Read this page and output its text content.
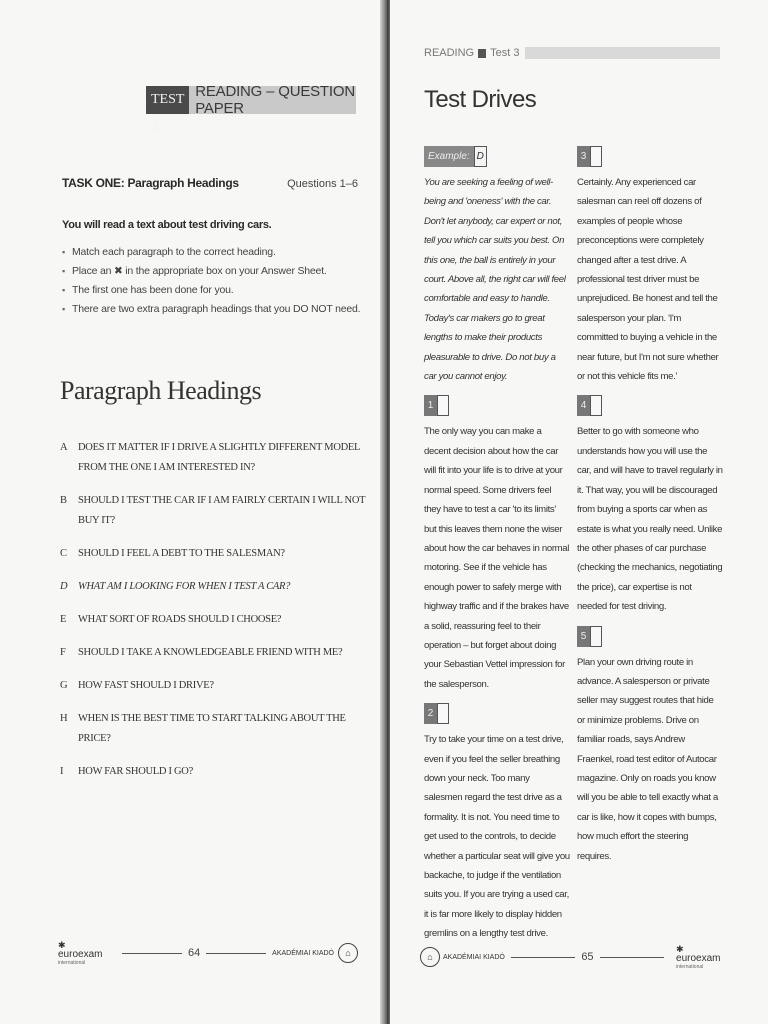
TEST 3
READING – QUESTION PAPER
TASK ONE: Paragraph Headings	Questions 1–6
You will read a text about test driving cars.
▪ Match each paragraph to the correct heading.
▪ Place an ✖ in the appropriate box on your Answer Sheet.
▪ The first one has been done for you.
▪ There are two extra paragraph headings that you DO NOT need.
Paragraph Headings
A	DOES IT MATTER IF I DRIVE A SLIGHTLY DIFFERENT MODEL FROM THE ONE I AM INTERESTED IN?
B	SHOULD I TEST THE CAR IF I AM FAIRLY CERTAIN I WILL NOT BUY IT?
C	SHOULD I FEEL A DEBT TO THE SALESMAN?
D	WHAT AM I LOOKING FOR WHEN I TEST A CAR?
E	WHAT SORT OF ROADS SHOULD I CHOOSE?
F	SHOULD I TAKE A KNOWLEDGEABLE FRIEND WITH ME?
G	HOW FAST SHOULD I DRIVE?
H	WHEN IS THE BEST TIME TO START TALKING ABOUT THE PRICE?
I	HOW FAR SHOULD I GO?
✱
euroexam
international
64	AKADÉMIAI KIADÓ	⌂
READING Test 3
Test Drives
Example: D

You are seeking a feeling of well-being and 'oneness' with the car. Don't let anybody, car expert or not, tell you which car suits you best. On this one, the ball is entirely in your court. Above all, the right car will feel comfortable and easy to handle. Today's car makers go to great lengths to make their products pleasurable to drive. Do not buy a car you cannot enjoy.

1

The only way you can make a decent decision about how the car will fit into your life is to drive at your normal speed. Some drivers feel they have to test a car 'to its limits' but this leaves them none the wiser about how the car behaves in normal motoring. See if the vehicle has enough power to safely merge with highway traffic and if the brakes have a solid, reassuring feel to their operation – but forget about doing your Sebastian Vettel impression for the salesperson.

2

Try to take your time on a test drive, even if you feel the seller breathing down your neck. Too many salesmen regard the test drive as a formality. It is not. You need time to get used to the controls, to decide whether a particular seat will give you backache, to judge if the ventilation suits you. If you are trying a used car, it is far more likely to display hidden gremlins on a lengthy test drive.

3

Certainly. Any experienced car salesman can reel off dozens of examples of people whose preconceptions were completely changed after a test drive. A professional test driver must be unprejudiced. Be honest and tell the salesperson your plan. 'I'm committed to buying a vehicle in the near future, but I'm not sure whether or not this vehicle fits me.'

4

Better to go with someone who understands how you will use the car, and will have to travel regularly in it. That way, you will be discouraged from buying a sports car when as estate is what you really need. Unlike the other phases of car purchase (checking the mechanics, negotiating the price), car expertise is not needed for test driving.

5

Plan your own driving route in advance. A salesperson or private seller may suggest routes that hide or minimize problems. Drive on familiar roads, says Andrew Fraenkel, road test editor of Autocar magazine. Only on roads you know will you be able to tell exactly what a car is like, how it copes with bumps, how much effort the steering requires.

⌂	AKADÉMIAI KIADÓ	65
✱
euroexam
international
